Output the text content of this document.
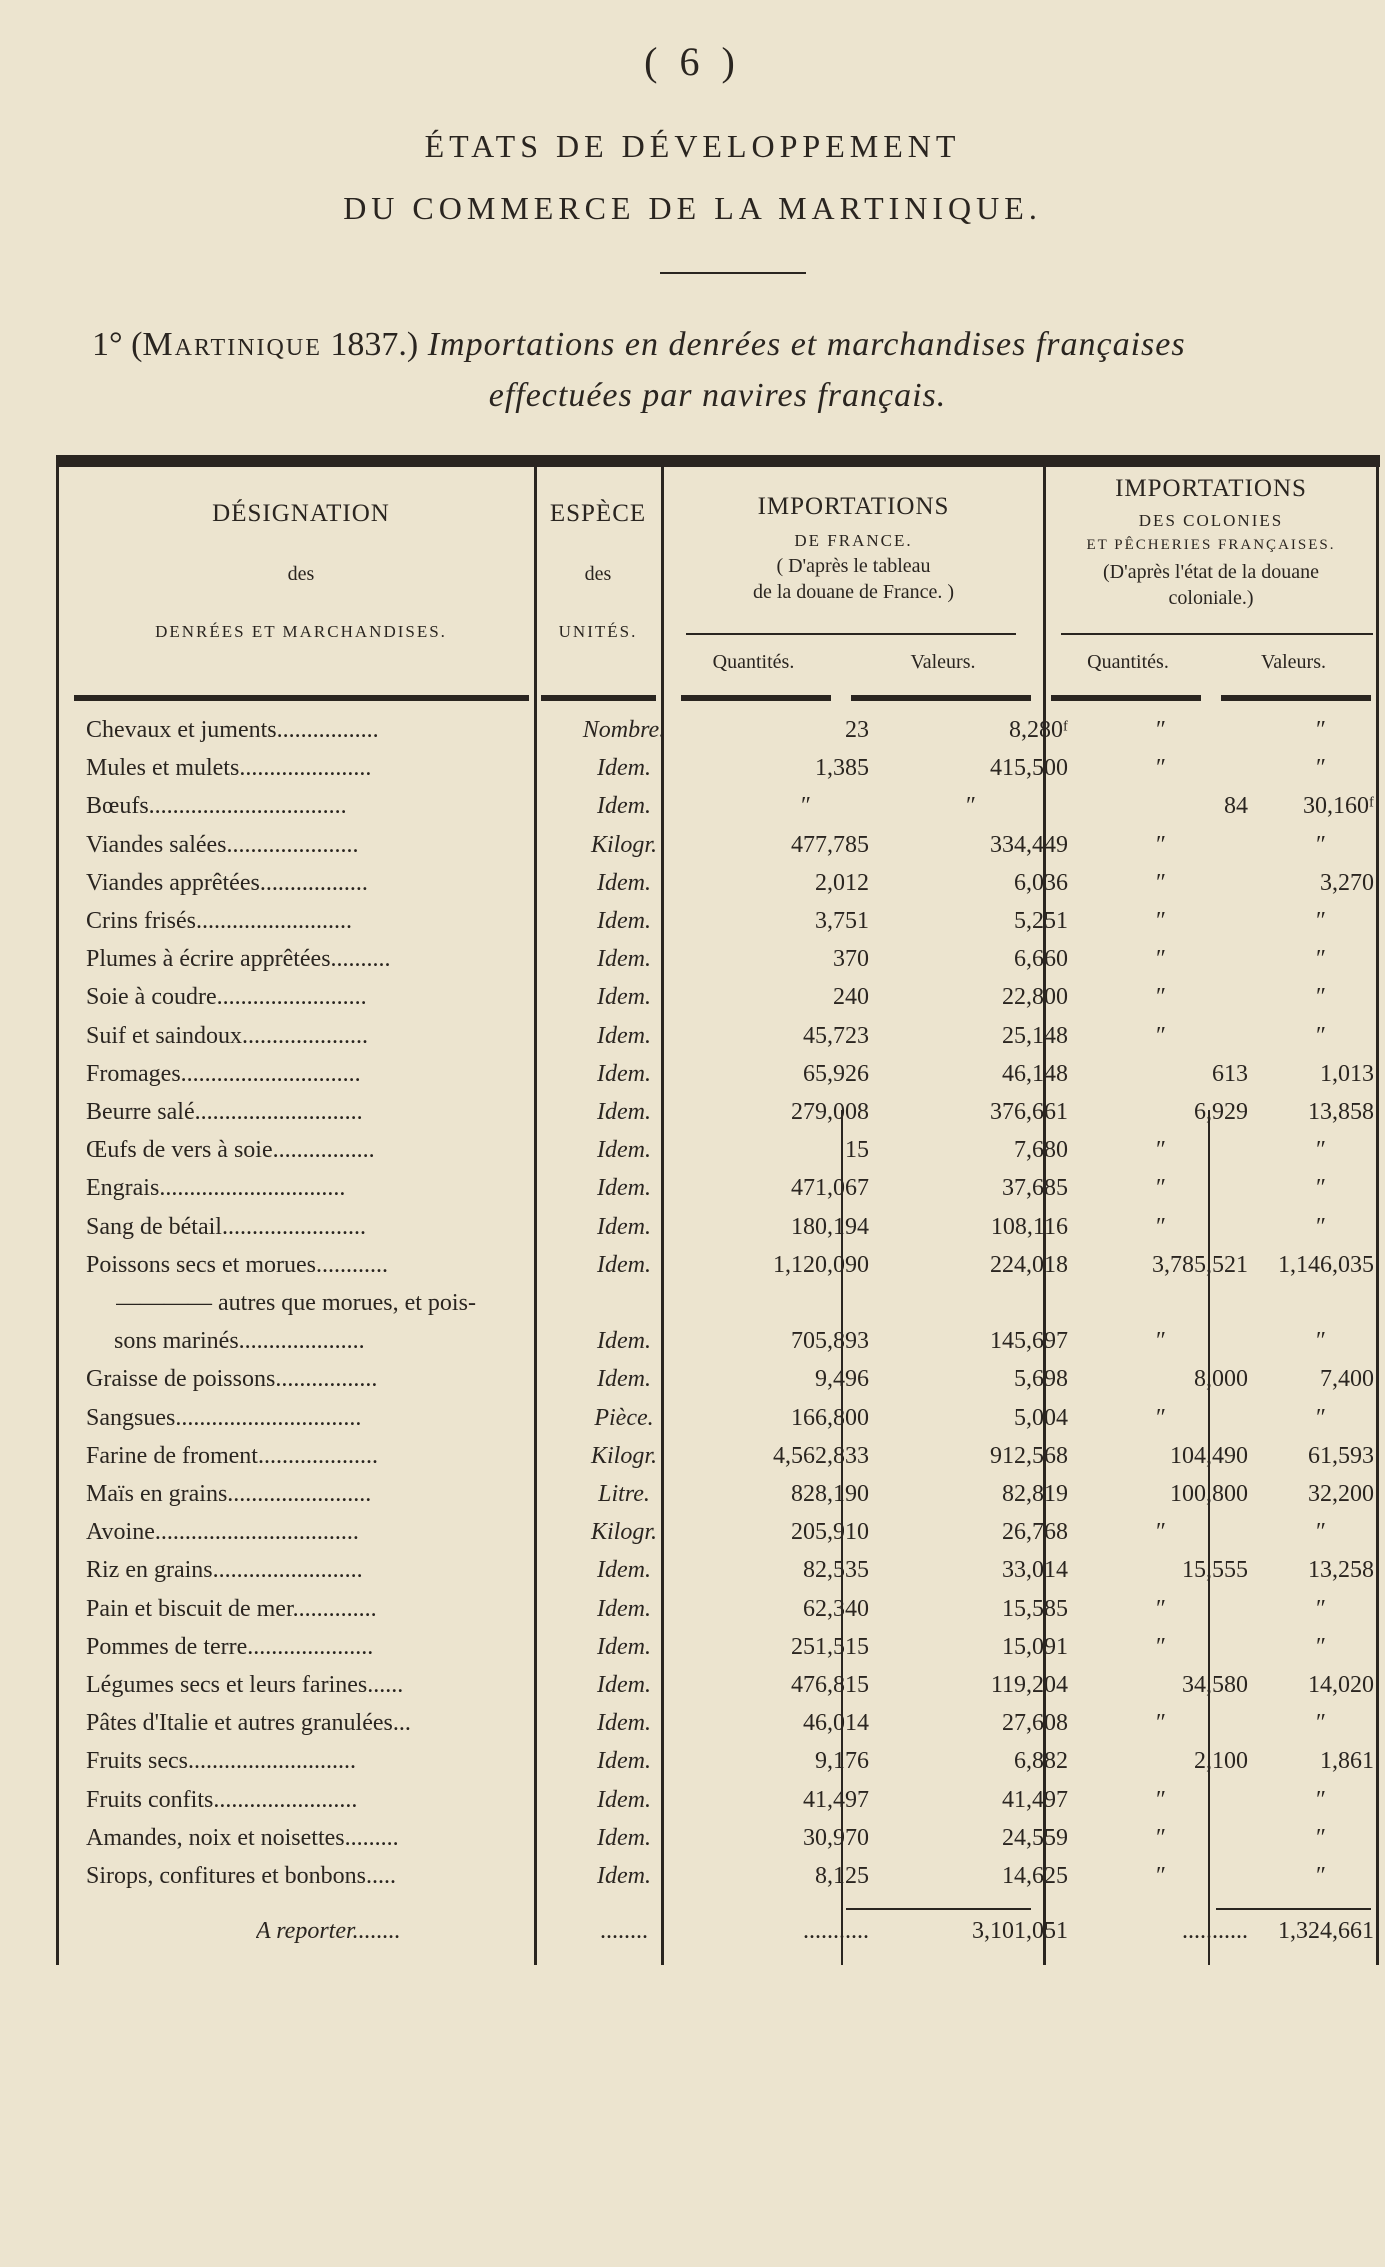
( 6 )
ÉTATS DE DÉVELOPPEMENT
DU COMMERCE DE LA MARTINIQUE.
1° (Martinique 1837.) Importations en denrées et marchandises françaises
effectuées par navires français.
DÉSIGNATION
des
DENRÉES ET MARCHANDISES.
ESPÈCE
des
UNITÉS.
IMPORTATIONS
DE FRANCE.
( D'après le tableau
de la douane de France. )
IMPORTATIONS
DES COLONIES
ET PÊCHERIES FRANÇAISES.
(D'après l'état de la douane
coloniale.)
Quantités.	Valeurs.	Quantités.	Valeurs.
Chevaux et juments.................	Nombre.	23	8,280ᶠ	″	″
Mules et mulets......................	Idem.	1,385	415,500	″	″
Bœufs.................................	Idem.	″	″	84	30,160ᶠ
Viandes salées......................	Kilogr.	477,785	334,449	″	″
Viandes apprêtées..................	Idem.	2,012	6,036	″	3,270
Crins frisés..........................	Idem.	3,751	5,251	″	″
Plumes à écrire apprêtées..........	Idem.	370	6,660	″	″
Soie à coudre.........................	Idem.	240	22,800	″	″
Suif et saindoux.....................	Idem.	45,723	25,148	″	″
Fromages..............................	Idem.	65,926	46,148	613	1,013
Beurre salé............................	Idem.	279,008	376,661	6,929	13,858
Œufs de vers à soie.................	Idem.	15	7,680	″	″
Engrais...............................	Idem.	471,067	37,685	″	″
Sang de bétail........................	Idem.	180,194	108,116	″	″
Poissons secs et morues............	Idem.	1,120,090	224,018	3,785,521	1,146,035
———— autres que morues, et pois-
sons marinés.....................	Idem.	705,893	145,697	″	″
Graisse de poissons.................	Idem.	9,496	5,698	8,000	7,400
Sangsues...............................	Pièce.	166,800	5,004	″	″
Farine de froment....................	Kilogr.	4,562,833	912,568	104,490	61,593
Maïs en grains........................	Litre.	828,190	82,819	100,800	32,200
Avoine..................................	Kilogr.	205,910	26,768	″	″
Riz en grains.........................	Idem.	82,535	33,014	15,555	13,258
Pain et biscuit de mer..............	Idem.	62,340	15,585	″	″
Pommes de terre.....................	Idem.	251,515	15,091	″	″
Légumes secs et leurs farines......	Idem.	476,815	119,204	34,580	14,020
Pâtes d'Italie et autres granulées...	Idem.	46,014	27,608	″	″
Fruits secs............................	Idem.	9,176	6,882	2,100	1,861
Fruits confits........................	Idem.	41,497	41,497	″	″
Amandes, noix et noisettes.........	Idem.	30,970	24,559	″	″
Sirops, confitures et bonbons.....	Idem.	8,125	14,625	″	″
A reporter........	........	...........	3,101,051	...........	1,324,661
